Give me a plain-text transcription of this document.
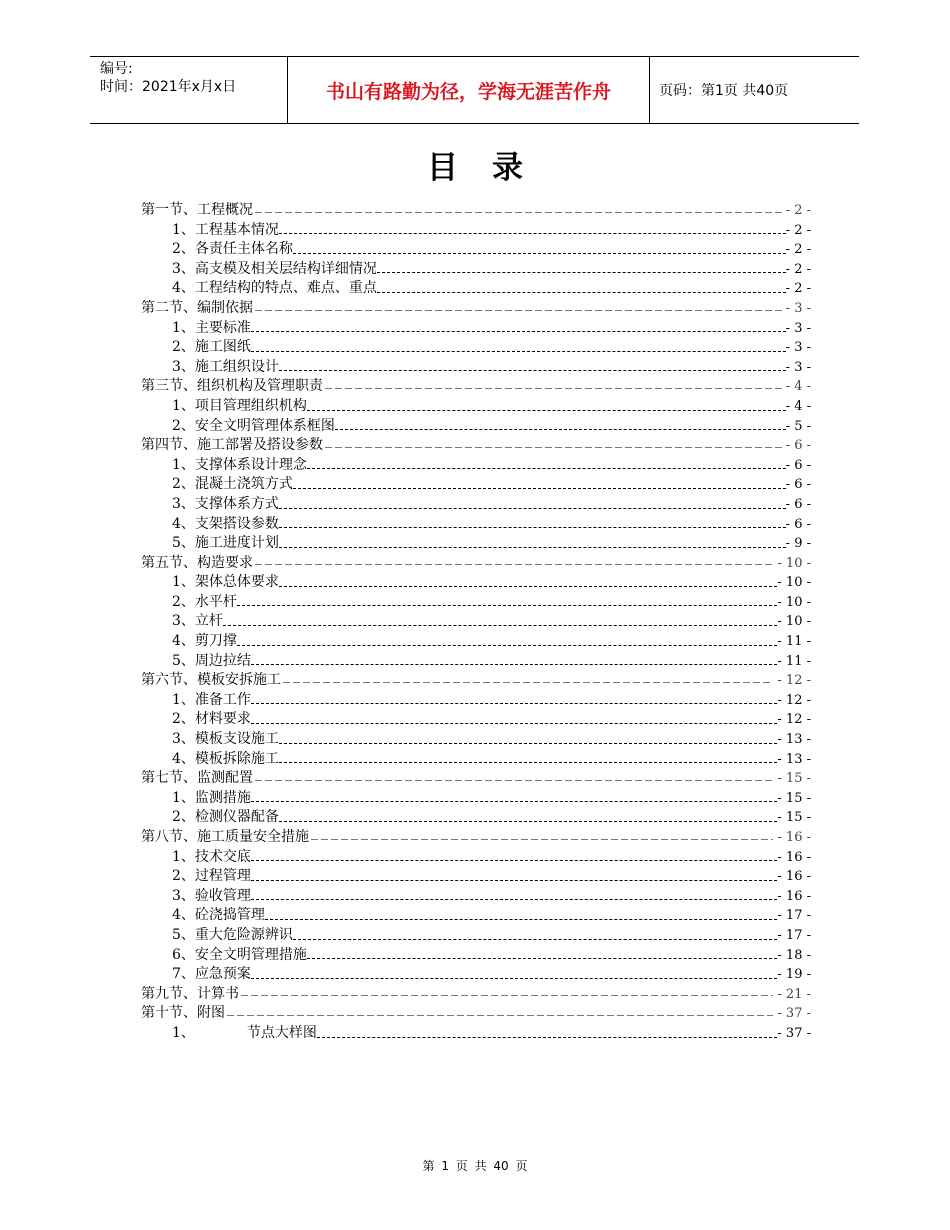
编号:
时间：2021年x月x日	书山有路勤为径，学海无涯苦作舟	页码：第1页 共40页
目录
第一节、工程概况	- 2 -
1、工程基本情况	- 2 -
2、各责任主体名称	- 2 -
3、高支模及相关层结构详细情况	- 2 -
4、工程结构的特点、难点、重点	- 2 -
第二节、编制依据	- 3 -
1、主要标准	- 3 -
2、施工图纸	- 3 -
3、施工组织设计	- 3 -
第三节、组织机构及管理职责	- 4 -
1、项目管理组织机构	- 4 -
2、安全文明管理体系框图	- 5 -
第四节、施工部署及搭设参数	- 6 -
1、支撑体系设计理念	- 6 -
2、混凝土浇筑方式	- 6 -
3、支撑体系方式	- 6 -
4、支架搭设参数	- 6 -
5、施工进度计划	- 9 -
第五节、构造要求	- 10 -
1、架体总体要求	- 10 -
2、水平杆	- 10 -
3、立杆	- 10 -
4、剪刀撑	- 11 -
5、周边拉结	- 11 -
第六节、模板安拆施工	- 12 -
1、准备工作	- 12 -
2、材料要求	- 12 -
3、模板支设施工	- 13 -
4、模板拆除施工	- 13 -
第七节、监测配置	- 15 -
1、监测措施	- 15 -
2、检测仪器配备	- 15 -
第八节、施工质量安全措施	- 16 -
1、技术交底	- 16 -
2、过程管理	- 16 -
3、验收管理	- 16 -
4、砼浇捣管理	- 17 -
5、重大危险源辨识	- 17 -
6、安全文明管理措施	- 18 -
7、应急预案	- 19 -
第九节、计算书	- 21 -
第十节、附图	- 37 -
1、	节点大样图	- 37 -
第 1 页 共 40 页
